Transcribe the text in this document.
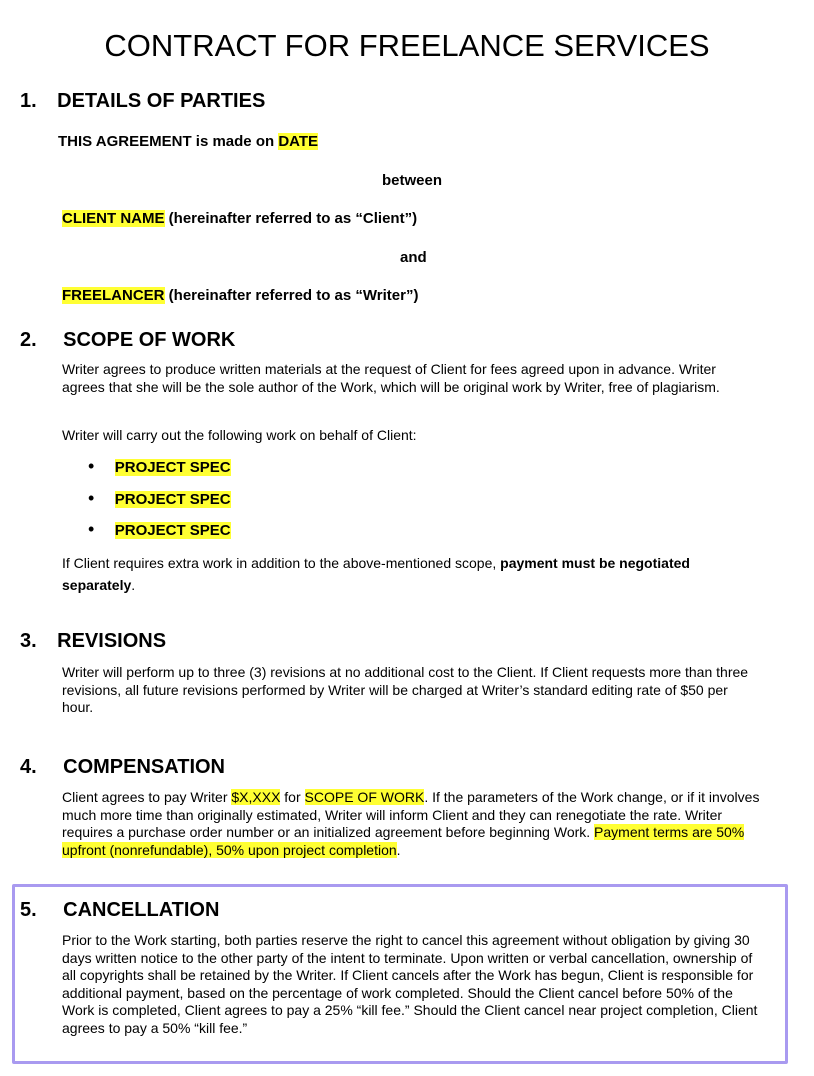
CONTRACT FOR FREELANCE SERVICES
1. DETAILS OF PARTIES
THIS AGREEMENT is made on DATE
between
CLIENT NAME (hereinafter referred to as “Client”)
and
FREELANCER (hereinafter referred to as “Writer”)
2. SCOPE OF WORK

Writer agrees to produce written materials at the request of Client for fees agreed upon in advance. Writer agrees that she will be the sole author of the Work, which will be original work by Writer, free of plagiarism.

Writer will carry out the following work on behalf of Client:

• PROJECT SPEC
• PROJECT SPEC
• PROJECT SPEC
If Client requires extra work in addition to the above-mentioned scope, payment must be negotiated
separately.
3. REVISIONS

Writer will perform up to three (3) revisions at no additional cost to the Client. If Client requests more than three revisions, all future revisions performed by Writer will be charged at Writer’s standard editing rate of $50 per hour.

4. COMPENSATION

Client agrees to pay Writer $X,XXX for SCOPE OF WORK. If the parameters of the Work change, or if it involves much more time than originally estimated, Writer will inform Client and they can renegotiate the rate. Writer requires a purchase order number or an initialized agreement before beginning Work. Payment terms are 50% upfront (nonrefundable), 50% upon project completion.

5. CANCELLATION

Prior to the Work starting, both parties reserve the right to cancel this agreement without obligation by giving 30 days written notice to the other party of the intent to terminate. Upon written or verbal cancellation, ownership of all copyrights shall be retained by the Writer. If Client cancels after the Work has begun, Client is responsible for additional payment, based on the percentage of work completed. Should the Client cancel before 50% of the Work is completed, Client agrees to pay a 25% “kill fee.” Should the Client cancel near project completion, Client agrees to pay a 50% “kill fee.”
